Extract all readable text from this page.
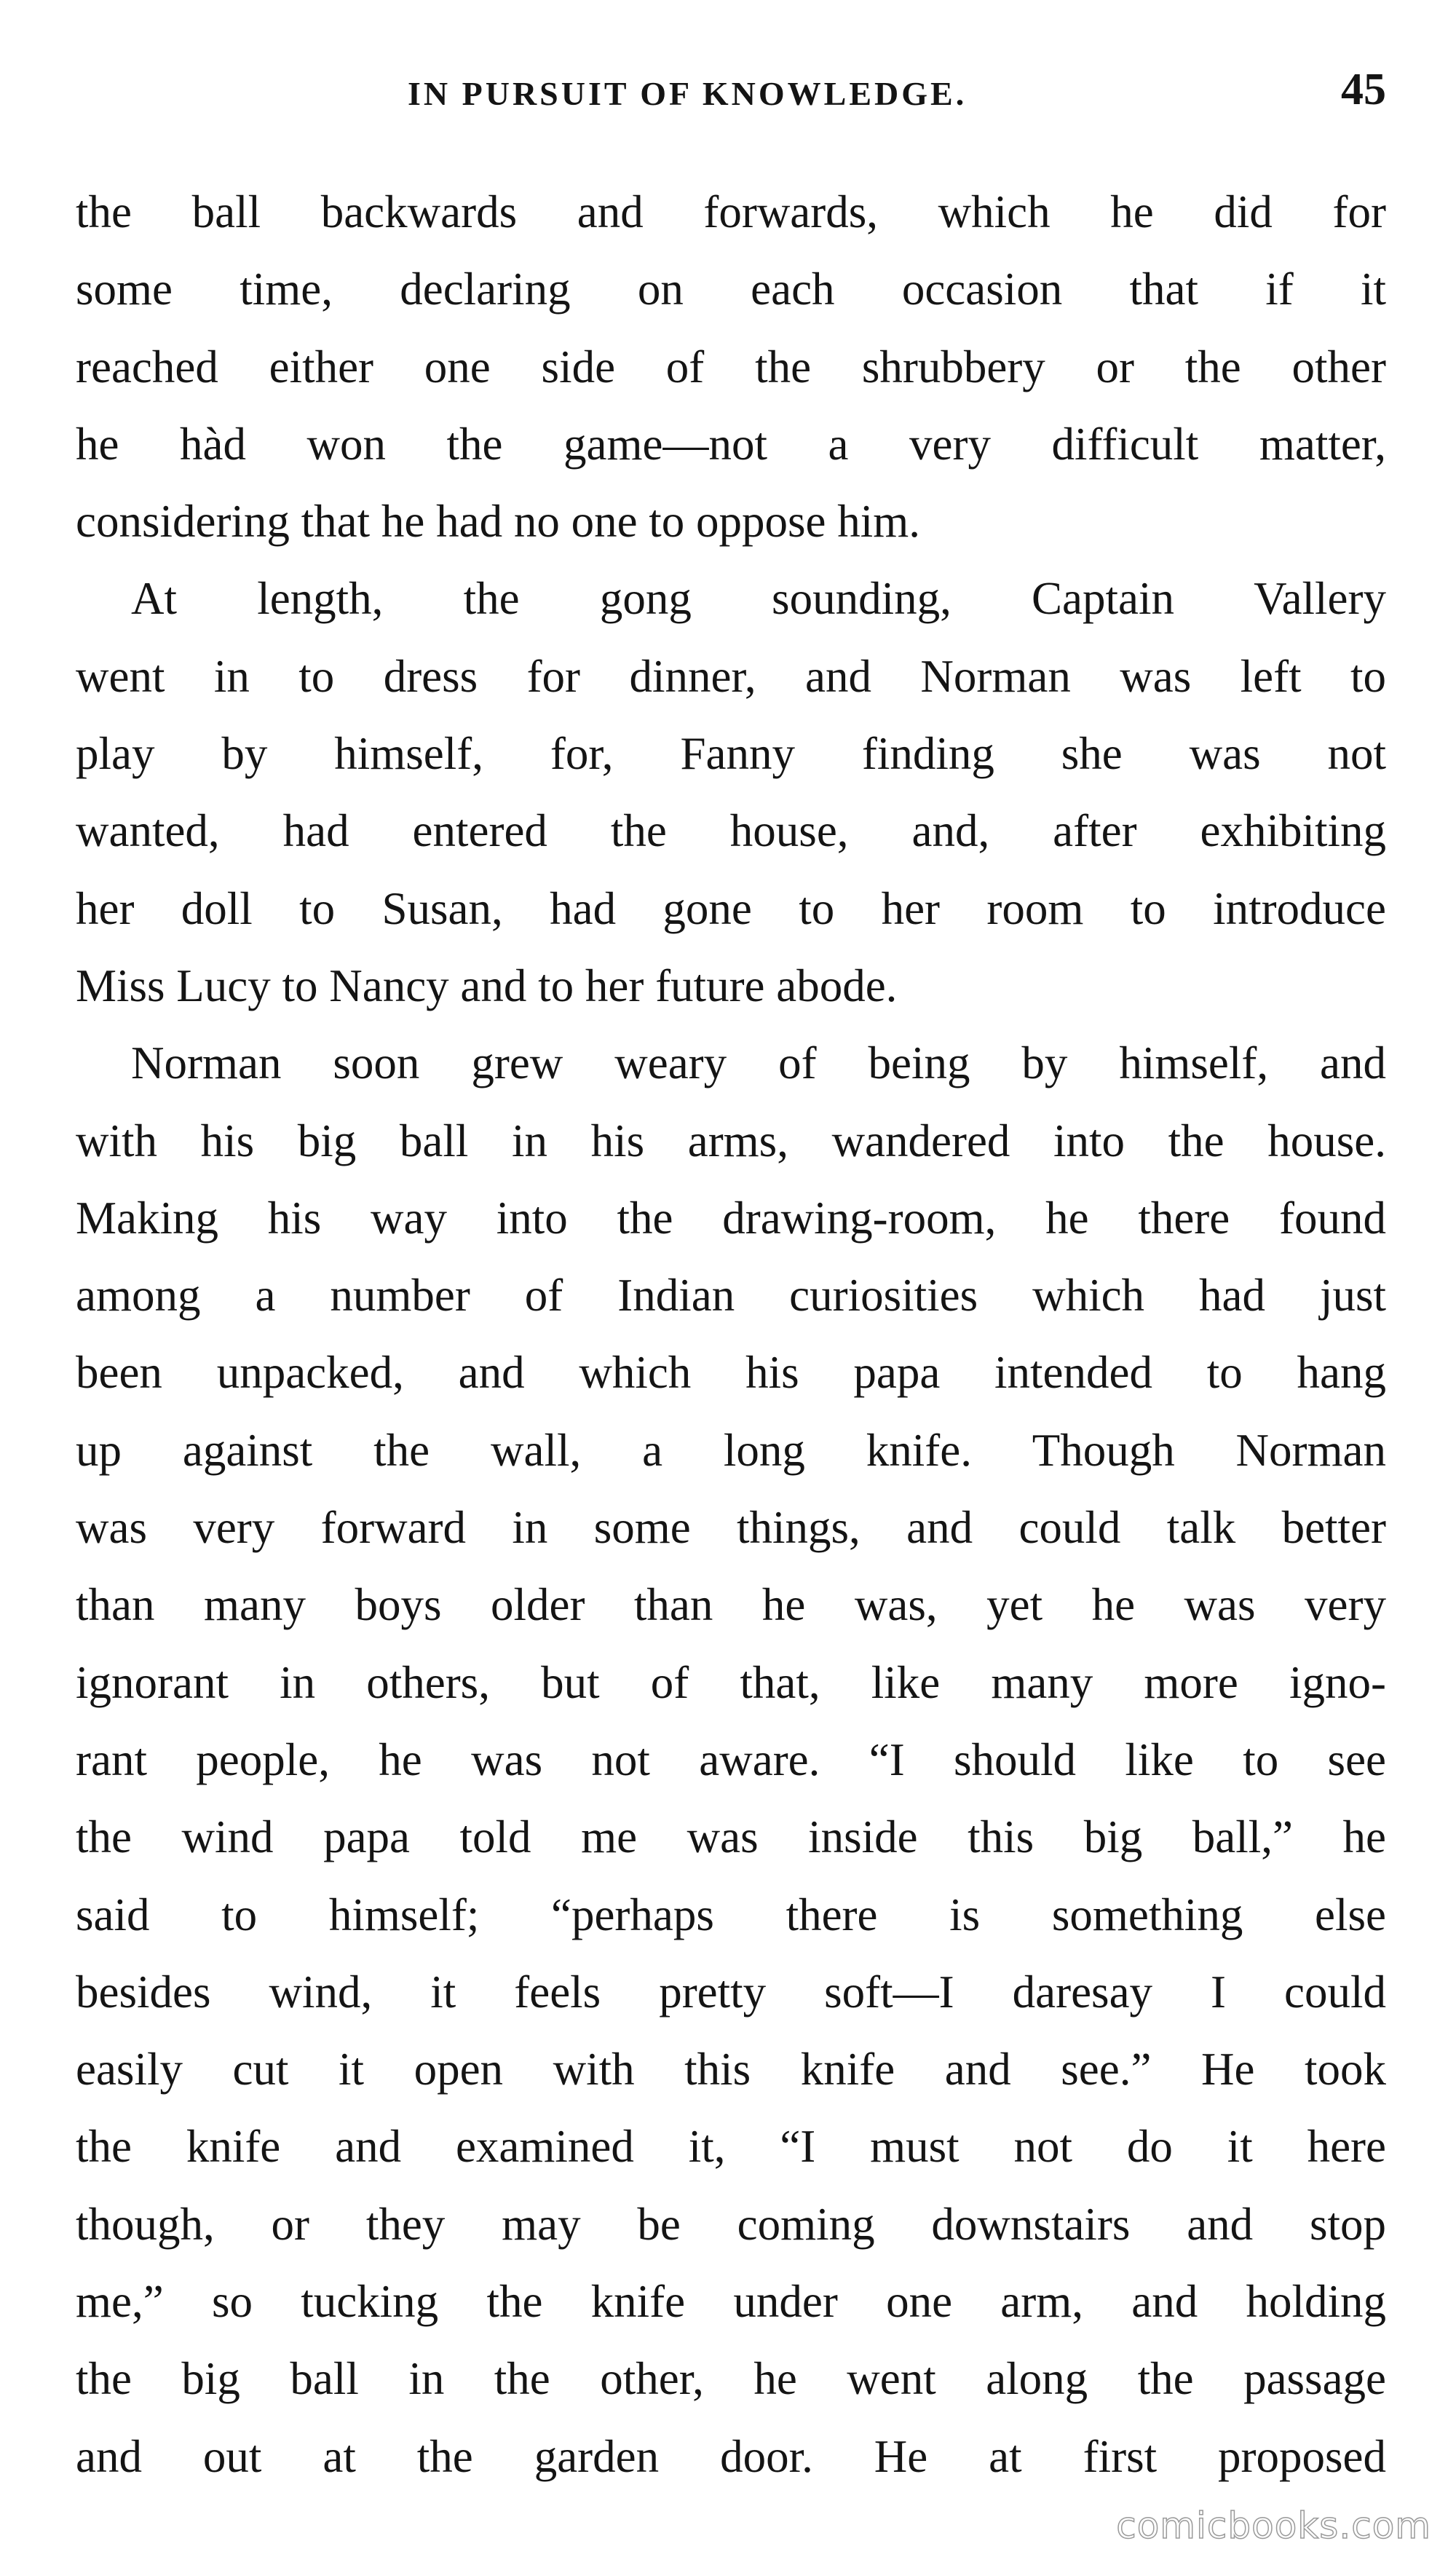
IN PURSUIT OF KNOWLEDGE.	45
the ball backwards and forwards, which he did for
some time, declaring on each occasion that if it
reached either one side of the shrubbery or the other
he hàd won the game—not a very difficult matter,
considering that he had no one to oppose him.
At length, the gong sounding, Captain Vallery
went in to dress for dinner, and Norman was left to
play by himself, for, Fanny finding she was not
wanted, had entered the house, and, after exhibiting
her doll to Susan, had gone to her room to introduce
Miss Lucy to Nancy and to her future abode.
Norman soon grew weary of being by himself, and
with his big ball in his arms, wandered into the house.
Making his way into the drawing-room, he there found
among a number of Indian curiosities which had just
been unpacked, and which his papa intended to hang
up against the wall, a long knife. Though Norman
was very forward in some things, and could talk better
than many boys older than he was, yet he was very
ignorant in others, but of that, like many more igno-
rant people, he was not aware. “I should like to see
the wind papa told me was inside this big ball,” he
said to himself; “perhaps there is something else
besides wind, it feels pretty soft—I daresay I could
easily cut it open with this knife and see.” He took
the knife and examined it, “I must not do it here
though, or they may be coming downstairs and stop
me,” so tucking the knife under one arm, and holding
the big ball in the other, he went along the passage
and out at the garden door. He at first proposed
comicbooks.com
